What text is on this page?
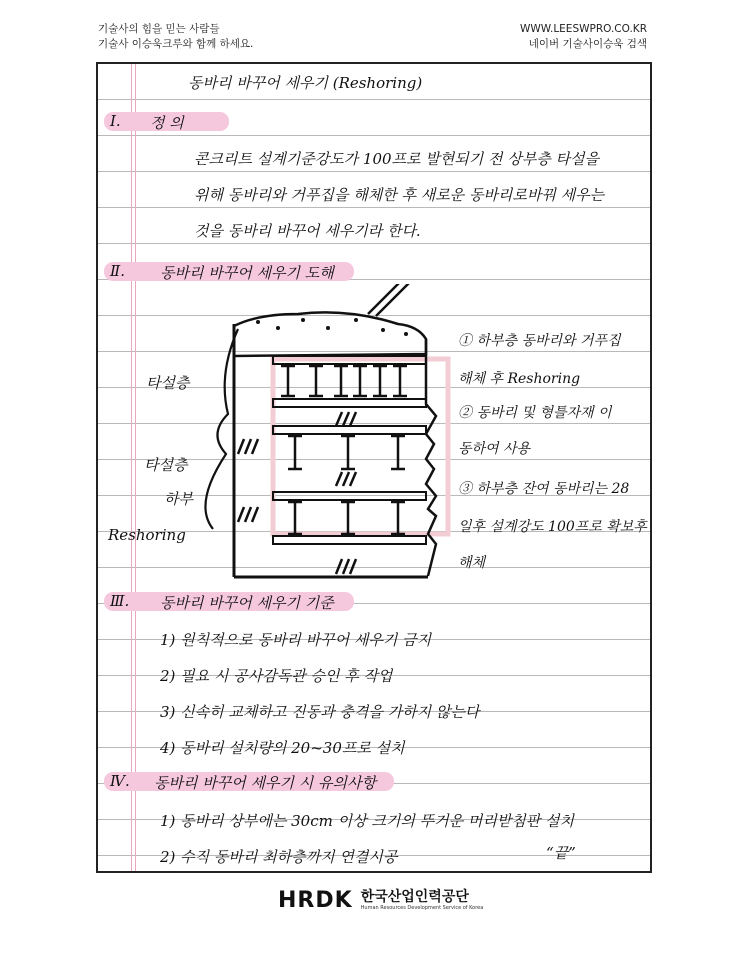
기술사의 힘을 믿는 사람들
기술사 이승욱크루와 함께 하세요.
WWW.LEESWPRO.CO.KR
네이버 기술사이승욱 검색
동바리 바꾸어 세우기 (Reshoring)
Ⅰ. 정 의
콘크리트 설계기준강도가 100프로 발현되기 전 상부층 타설을
위해 동바리와 거푸집을 해체한 후 새로운 동바리로바꿔 세우는
것을 동바리 바꾸어 세우기라 한다.
Ⅱ. 동바리 바꾸어 세우기 도해
타설층
타설층
하부
Reshoring
① 하부층 동바리와 거푸집
해체 후 Reshoring
② 동바리 및 형틀자재 이
동하여 사용
③ 하부층 잔여 동바리는 28
일후 설계강도 100프로 확보후
해체
Ⅲ. 동바리 바꾸어 세우기 기준
1) 원칙적으로 동바리 바꾸어 세우기 금지
2) 필요 시 공사감독관 승인 후 작업
3) 신속히 교체하고 진동과 충격을 가하지 않는다
4) 동바리 설치량의 20~30프로 설치
Ⅳ. 동바리 바꾸어 세우기 시 유의사항
1) 동바리 상부에는 30cm 이상 크기의 뚜거운 머리받침판 설치
2) 수직 동바리 최하층까지 연결시공	“끝”
HRDK 한국산업인력공단
Human Resources Development Service of Korea
